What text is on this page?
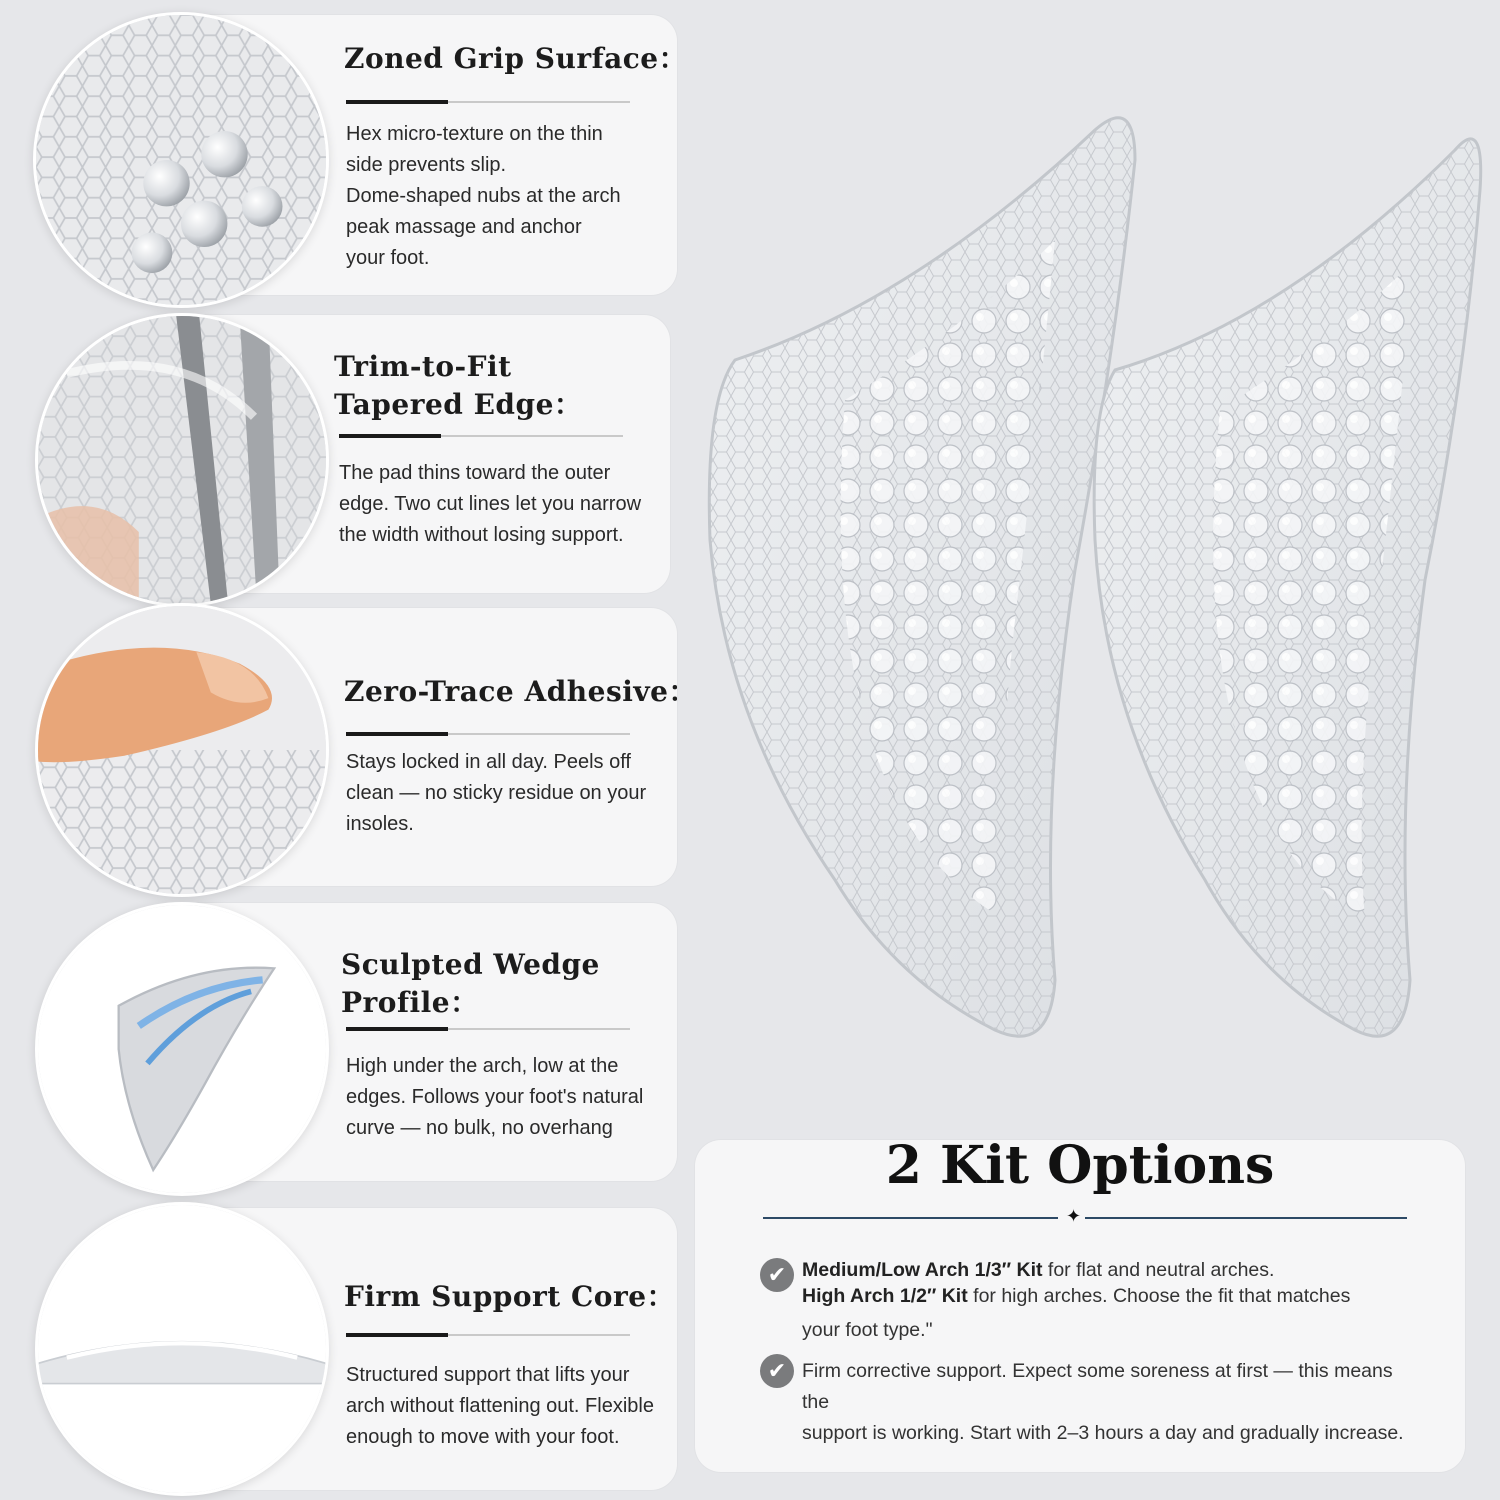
Zoned Grip Surface：

Hex micro-texture on the thin

side prevents slip.

Dome-shaped nubs at the arch

peak massage and anchor

your foot.

Trim-to-Fit
Tapered Edge：

The pad thins toward the outer

edge. Two cut lines let you narrow

the width without losing support.

Zero-Trace Adhesive：

Stays locked in all day. Peels off

clean — no sticky residue on your

insoles.

Sculpted Wedge
Profile：

High under the arch, low at the

edges. Follows your foot's natural

curve — no bulk, no overhang

Firm Support Core：

Structured support that lifts your

arch without flattening out. Flexible

enough to move with your foot.

2 Kit Options
✦
✔ Medium/Low Arch 1/3″ Kit for flat and neutral arches.
High Arch 1/2″ Kit for high arches. Choose the fit that matches
your foot type."
✔ Firm corrective support. Expect some soreness at first — this means the
support is working. Start with 2–3 hours a day and gradually increase.
